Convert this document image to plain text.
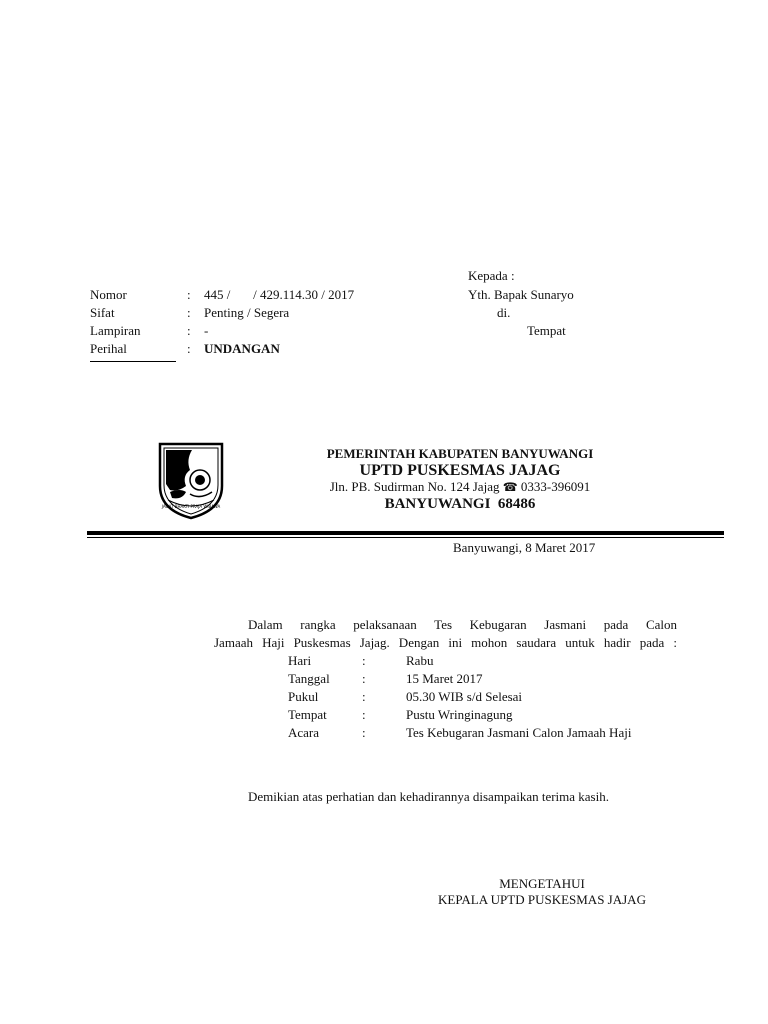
Kepada :
Yth. Bapak Sunaryo
di.
Tempat
Nomor	: 445 /       / 429.114.30 / 2017
Sifat	: Penting / Segera
Lampiran	: -
Perihal	: UNDANGAN
JAGAT BHAKTI PRAJA WIBAWA
PEMERINTAH KABUPATEN BANYUWANGI
UPTD PUSKESMAS JAJAG
Jln. PB. Sudirman No. 124 Jajag ☎ 0333-396091
BANYUWANGI  68486
Banyuwangi, 8 Maret 2017
Dalam rangka pelaksanaan Tes Kebugaran Jasmani pada Calon
Jamaah Haji Puskesmas Jajag. Dengan ini mohon saudara untuk hadir pada :
Hari	:	Rabu
Tanggal :	15 Maret 2017
Pukul	:	05.30 WIB s/d Selesai
Tempat	:	Pustu Wringinagung
Acara	:	Tes Kebugaran Jasmani Calon Jamaah Haji
Demikian atas perhatian dan kehadirannya disampaikan terima kasih.
MENGETAHUI
KEPALA UPTD PUSKESMAS JAJAG
